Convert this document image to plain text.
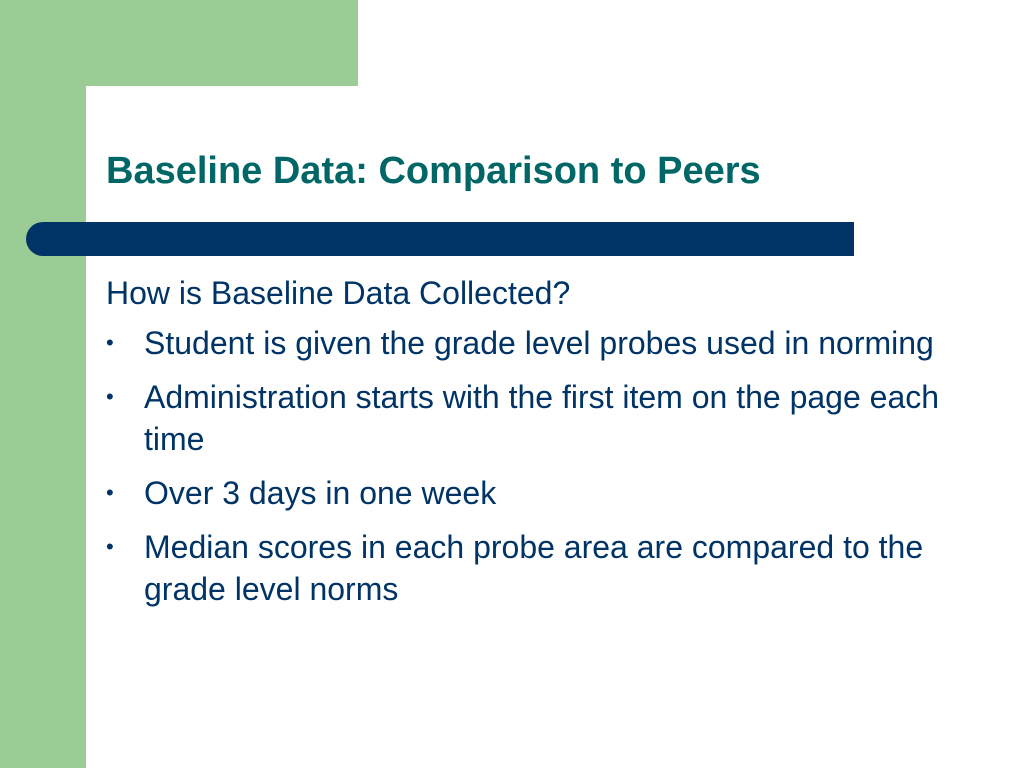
Baseline Data: Comparison to Peers

How is Baseline Data Collected?

• Student is given the grade level probes used in norming
• Administration starts with the first item on the page each time
• Over 3 days in one week
• Median scores in each probe area are compared to the grade level norms
